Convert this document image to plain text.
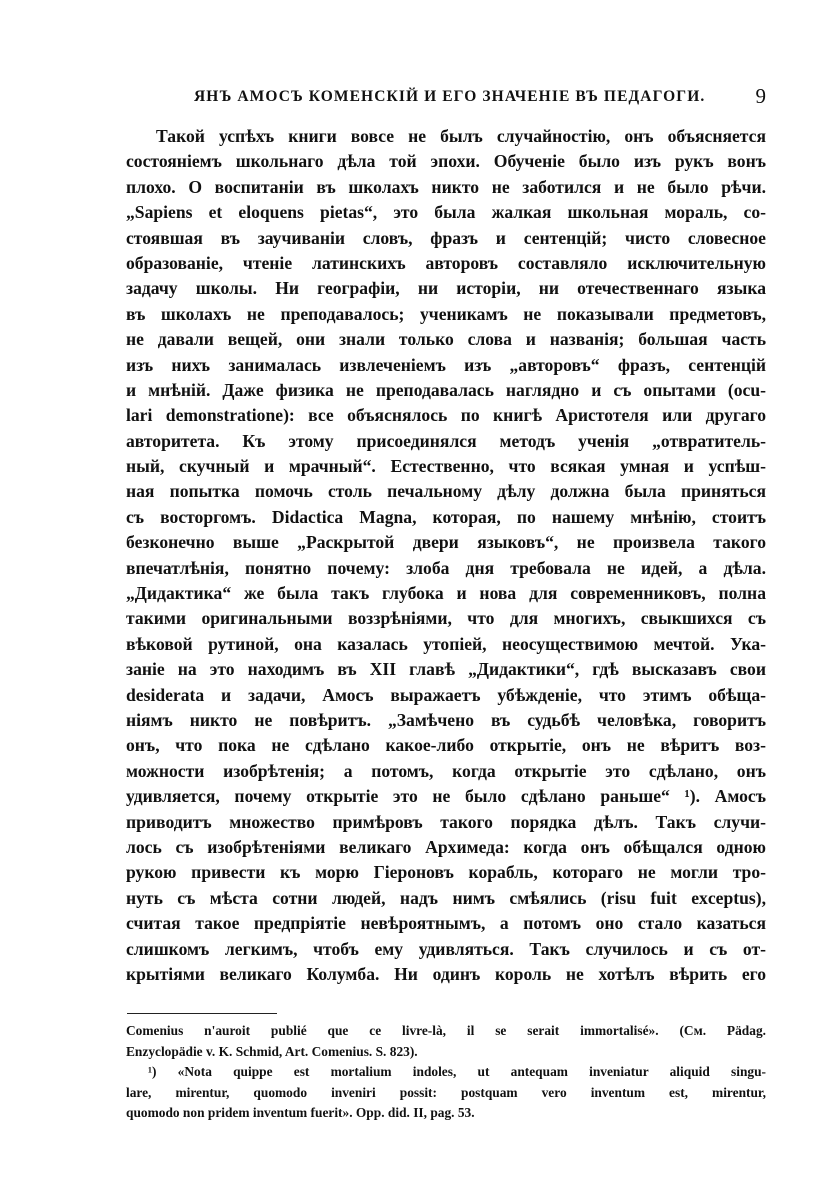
ЯНЪ АМОСЪ КОМЕНСКІЙ И ЕГО ЗНАЧЕНІЕ ВЪ ПЕДАГОГИ. 9
Такой успѣхъ книги вовсе не былъ случайностію, онъ объясняется
состояніемъ школьнаго дѣла той эпохи. Обученіе было изъ рукъ вонъ
плохо. О воспитаніи въ школахъ никто не заботился и не было рѣчи.
„Sapiens et eloquens pietas“, это была жалкая школьная мораль, со-
стоявшая въ заучиваніи словъ, фразъ и сентенцій; чисто словесное
образованіе, чтеніе латинскихъ авторовъ составляло исключительную
задачу школы. Ни географіи, ни исторіи, ни отечественнаго языка
въ школахъ не преподавалось; ученикамъ не показывали предметовъ,
не давали вещей, они знали только слова и названія; большая часть
изъ нихъ занималась извлеченіемъ изъ „авторовъ“ фразъ, сентенцій
и мнѣній. Даже физика не преподавалась наглядно и съ опытами (ocu-
lari demonstratione): все объяснялось по книгѣ Аристотеля или другаго
авторитета. Къ этому присоединялся методъ ученія „отвратитель-
ный, скучный и мрачный“. Естественно, что всякая умная и успѣш-
ная попытка помочь столь печальному дѣлу должна была приняться
съ восторгомъ. Didactica Magna, которая, по нашему мнѣнію, стоитъ
безконечно выше „Раскрытой двери языковъ“, не произвела такого
впечатлѣнія, понятно почему: злоба дня требовала не идей, а дѣла.
„Дидактика“ же была такъ глубока и нова для современниковъ, полна
такими оригинальными воззрѣніями, что для многихъ, свыкшихся съ
вѣковой рутиной, она казалась утопіей, неосуществимою мечтой. Ука-
заніе на это находимъ въ XII главѣ „Дидактики“, гдѣ высказавъ свои
desiderata и задачи, Амосъ выражаетъ убѣжденіе, что этимъ обѣща-
ніямъ никто не повѣритъ. „Замѣчено въ судьбѣ человѣка, говоритъ
онъ, что пока не сдѣлано какое-либо открытіе, онъ не вѣритъ воз-
можности изобрѣтенія; а потомъ, когда открытіе это сдѣлано, онъ
удивляется, почему открытіе это не было сдѣлано раньше“ ¹). Амосъ
приводитъ множество примѣровъ такого порядка дѣлъ. Такъ случи-
лось съ изобрѣтеніями великаго Архимеда: когда онъ обѣщался одною
рукою привести къ морю Гіероновъ корабль, котораго не могли тро-
нуть съ мѣста сотни людей, надъ нимъ смѣялись (risu fuit exceptus),
считая такое предпріятіе невѣроятнымъ, а потомъ оно стало казаться
слишкомъ легкимъ, чтобъ ему удивляться. Такъ случилось и съ от-
крытіями великаго Колумба. Ни одинъ король не хотѣлъ вѣрить его
Comenius n'auroit publié que ce livre-là, il se serait immortalisé». (См. Pädag.
Enzyclopädie v. K. Schmid, Art. Comenius. S. 823).
¹) «Nota quippe est mortalium indoles, ut antequam inveniatur aliquid singu-
lare, mirentur, quomodo inveniri possit: postquam vero inventum est, mirentur,
quomodo non pridem inventum fuerit». Opp. did. II, pag. 53.
